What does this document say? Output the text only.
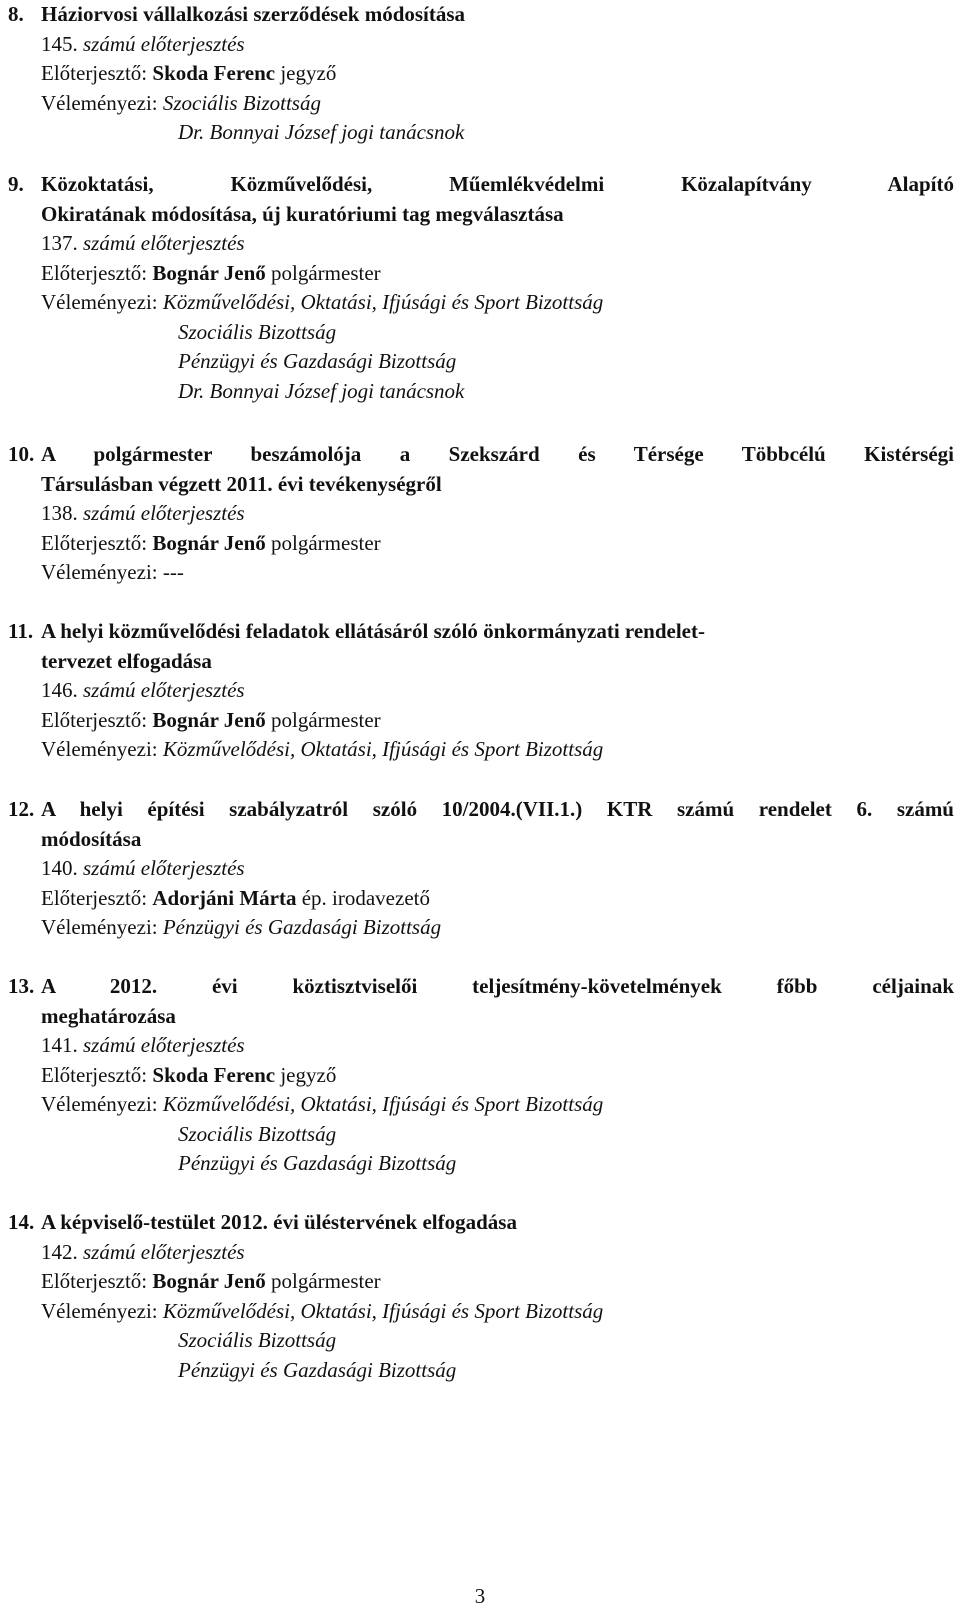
8. Háziorvosi vállalkozási szerződések módosítása
145. számú előterjesztés
Előterjesztő: Skoda Ferenc jegyző
Véleményezi: Szociális Bizottság
Dr. Bonnyai József jogi tanácsnok
9. Közoktatási, Közművelődési, Műemlékvédelmi Közalapítvány Alapító
Okiratának módosítása, új kuratóriumi tag megválasztása
137. számú előterjesztés
Előterjesztő: Bognár Jenő polgármester
Véleményezi: Közművelődési, Oktatási, Ifjúsági és Sport Bizottság
Szociális Bizottság
Pénzügyi és Gazdasági Bizottság
Dr. Bonnyai József jogi tanácsnok
10. A polgármester beszámolója a Szekszárd és Térsége Többcélú Kistérségi
Társulásban végzett 2011. évi tevékenységről
138. számú előterjesztés
Előterjesztő: Bognár Jenő polgármester
Véleményezi: ---
11. A helyi közművelődési feladatok ellátásáról szóló önkormányzati rendelet-
tervezet elfogadása
146. számú előterjesztés
Előterjesztő: Bognár Jenő polgármester
Véleményezi: Közművelődési, Oktatási, Ifjúsági és Sport Bizottság
12. A helyi építési szabályzatról szóló 10/2004.(VII.1.) KTR számú rendelet 6. számú
módosítása
140. számú előterjesztés
Előterjesztő: Adorjáni Márta ép. irodavezető
Véleményezi: Pénzügyi és Gazdasági Bizottság
13. A 2012. évi köztisztviselői teljesítmény-követelmények főbb céljainak
meghatározása
141. számú előterjesztés
Előterjesztő: Skoda Ferenc jegyző
Véleményezi: Közművelődési, Oktatási, Ifjúsági és Sport Bizottság
Szociális Bizottság
Pénzügyi és Gazdasági Bizottság
14. A képviselő-testület 2012. évi üléstervének elfogadása
142. számú előterjesztés
Előterjesztő: Bognár Jenő polgármester
Véleményezi: Közművelődési, Oktatási, Ifjúsági és Sport Bizottság
Szociális Bizottság
Pénzügyi és Gazdasági Bizottság
3
